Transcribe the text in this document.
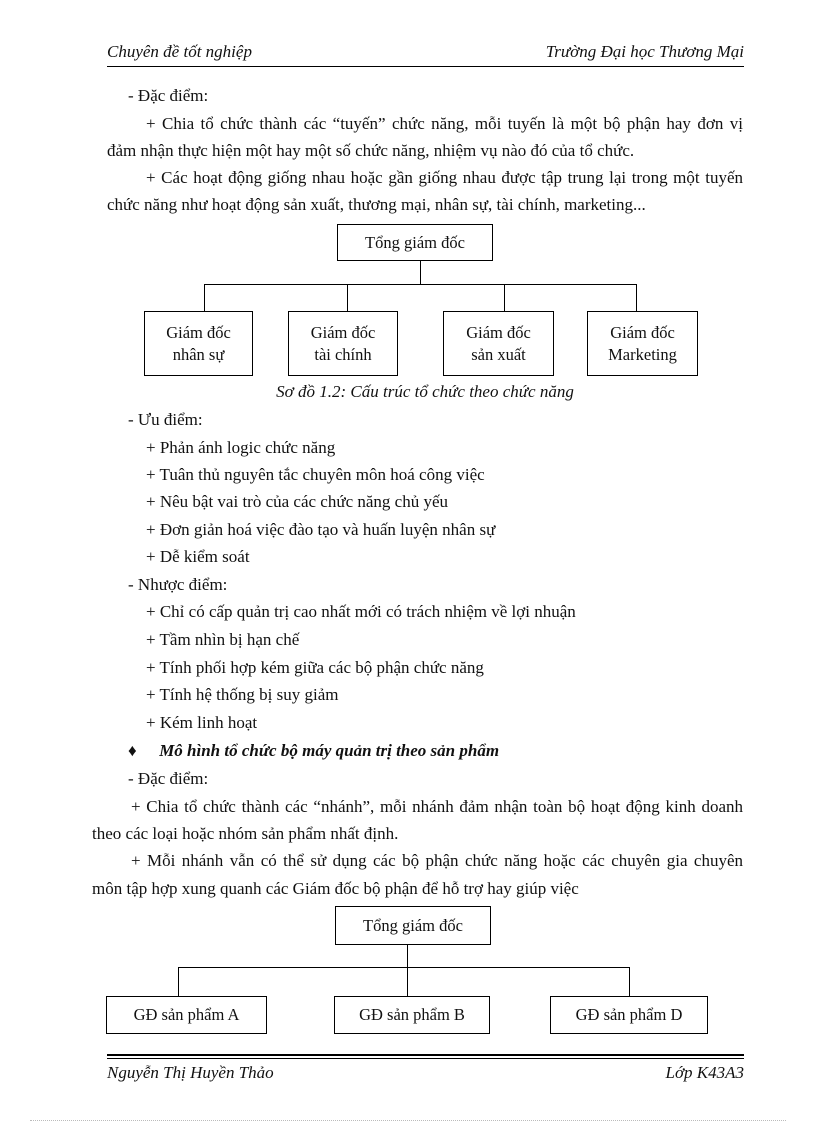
Chuyên đề tốt nghiệp	Trường Đại học Thương Mại
- Đặc điểm:
+ Chia tổ chức thành các “tuyến” chức năng, mỗi tuyến là một bộ phận hay đơn vị
đảm nhận thực hiện một hay một số chức năng, nhiệm vụ nào đó của tổ chức.
+ Các hoạt động giống nhau hoặc gần giống nhau được tập trung lại trong một tuyến
chức năng như hoạt động sản xuất, thương mại, nhân sự, tài chính, marketing...
Tổng giám đốc
Giám đốc
nhân sự
Giám đốc
tài chính
Giám đốc
sản xuất
Giám đốc
Marketing
Sơ đồ 1.2: Cấu trúc tổ chức theo chức năng
- Ưu điểm:
+ Phản ánh logic chức năng
+ Tuân thủ nguyên tắc chuyên môn hoá công việc
+ Nêu bật vai trò của các chức năng chủ yếu
+ Đơn giản hoá việc đào tạo và huấn luyện nhân sự
+ Dễ kiểm soát
- Nhược điểm:
+ Chỉ có cấp quản trị cao nhất mới có trách nhiệm về lợi nhuận
+ Tầm nhìn bị hạn chế
+ Tính phối hợp kém giữa các bộ phận chức năng
+ Tính hệ thống bị suy giảm
+ Kém linh hoạt
♦ Mô hình tổ chức bộ máy quản trị theo sản phẩm
- Đặc điểm:
+ Chia tổ chức thành các “nhánh”, mỗi nhánh đảm nhận toàn bộ hoạt động kinh doanh
theo các loại hoặc nhóm sản phẩm nhất định.
+ Mỗi nhánh vẫn có thể sử dụng các bộ phận chức năng hoặc các chuyên gia chuyên
môn tập hợp xung quanh các Giám đốc bộ phận để hỗ trợ hay giúp việc
Tổng giám đốc
GĐ sản phẩm A	GĐ sản phẩm B	GĐ sản phẩm D
Nguyễn Thị Huyền Thảo	Lớp K43A3
